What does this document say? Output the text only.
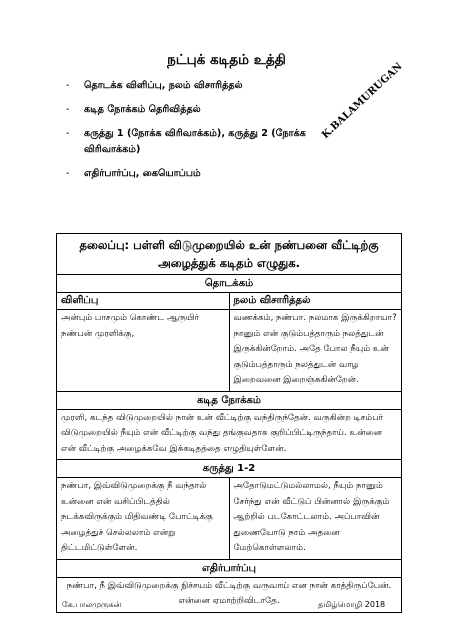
நட்புக் கடிதம் உத்தி
- தொடக்க விளிப்பு, நலம் விசாரித்தல்
- கடித நோக்கம் தெரிவித்தல்
- கருத்து 1 (நோக்க விரிவாக்கம்), கருத்து 2 (நோக்க விரிவாக்கம்)
- எதிர்பார்ப்பு, கையொப்பம்
K.BALAMURUGAN
தலைப்பு: பள்ளி விடுமுறையில் உன் நண்பனை வீட்டிற்கு அழைத்துக் கடிதம் எழுதுக.	
தொடக்கம்	
விளிப்பு	நலம் விசாரித்தல்
அன்பும் பாசமும் கொண்ட ஆருயிர் நண்பன் முரளிக்கு,	வணக்கம், நண்பா. நலமாக இருக்கிறாயா? நானும் என் குடும்பத்தாரும் நலத்துடன் இருக்கின்றோம். அதே போல நீயும் உன் குடும்பத்தாரும் நலத்துடன் வாழ இறைவனை இறைஞ்சுகின்றேன்.
கடித நோக்கம்	
முரளி, கடந்த விடுமுறையில் நான் உன் வீட்டிற்கு வந்திருந்தேன். வருகின்ற டிசம்பர் விடுமுறையில் நீயும் என் வீட்டிற்கு வந்து தங்குவதாக குறிப்பிட்டிருந்தாய். உன்னை என் வீட்டிற்கு அழைக்கவே இக்கடிதத்தை எழுதியுள்ளேன்.	
கருத்து 1-2	
நண்பா, இவ்விடுமுறைக்கு நீ வந்தால் உன்னை என் வசிப்பிடத்தில் நடக்கவிருக்கும் மிதிவண்டி போட்டிக்கு அழைத்துச் செல்லலாம் என்று திட்டமிட்டுள்ளேன்.	அதோடுமட்டுமல்லாமல், நீயும் நானும் சேர்ந்து என் வீட்டுப் பின்னால் இருக்கும் ஆற்றில் படகோட்டலாம். அப்பாவின் துணையோடு நாம் அதனை மேற்கொள்ளலாம்.
எதிர்பார்ப்பு	
நண்பா, நீ இவ்விடுமுறைக்கு நிச்சயம் வீட்டிற்கு வருவாய் என நான் காத்திருப்பேன். என்னை ஏமாற்றிவிடாதே.	
கே.பாலமுருகன்	தமிழ்மொழி 2018
